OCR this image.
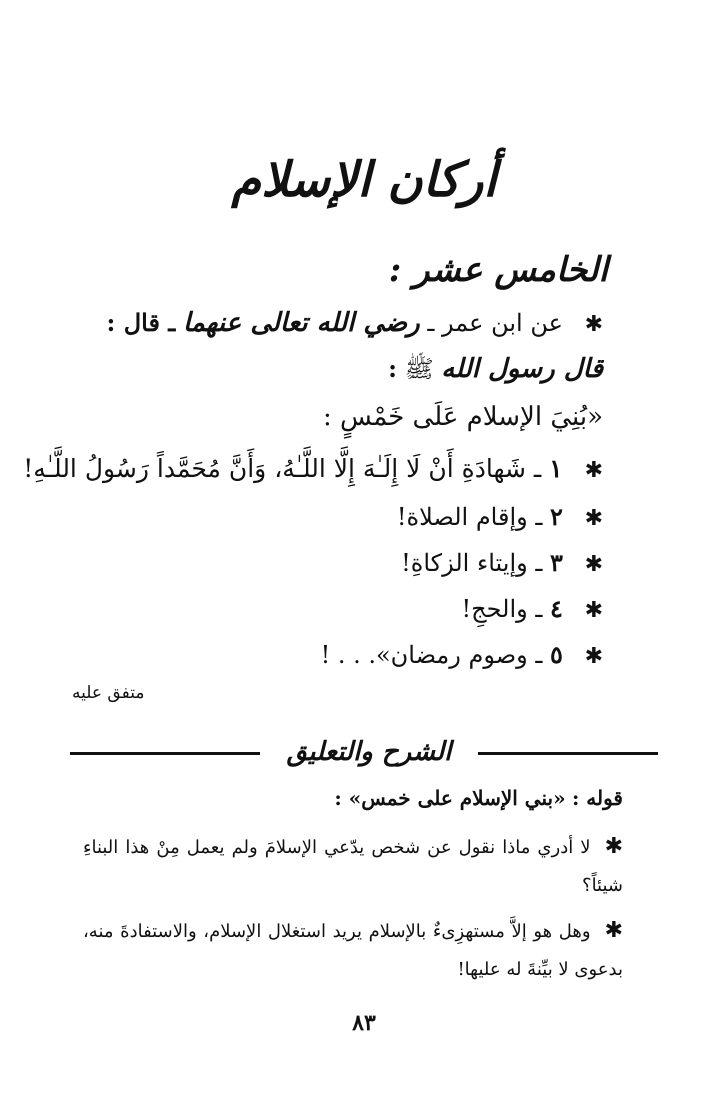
أركان الإسلام
الخامس عشر :
✱ عن ابن عمر ـ رضي الله تعالى عنهما ـ قال :
قال رسول الله ﷺ :
«بُنِيَ الإسلام عَلَى خَمْسٍ :
✱ ١ ـ شَهادَةِ أَنْ لَا إِلَـٰهَ إِلَّا اللَّـٰهُ، وَأَنَّ مُحَمَّداً رَسُولُ اللَّـٰهِ!
✱ ٢ ـ وإقام الصلاة!
✱ ٣ ـ وإيتاء الزكاةِ!
✱ ٤ ـ والحجِ!
✱ ٥ ـ وصوم رمضان». . . !
متفق عليه
الشرح والتعليق
قوله : «بني الإسلام على خمس» :
✱لا أدري ماذا نقول عن شخص يدّعي الإسلامَ ولم يعمل مِنْ هذا البناءِ شيئاً؟
✱وهل هو إلاَّ مستهزِىءٌ بالإسلام يريد استغلال الإسلام، والاستفادةَ منه، بدعوى لا بيِّنةَ له عليها!
٨٣
